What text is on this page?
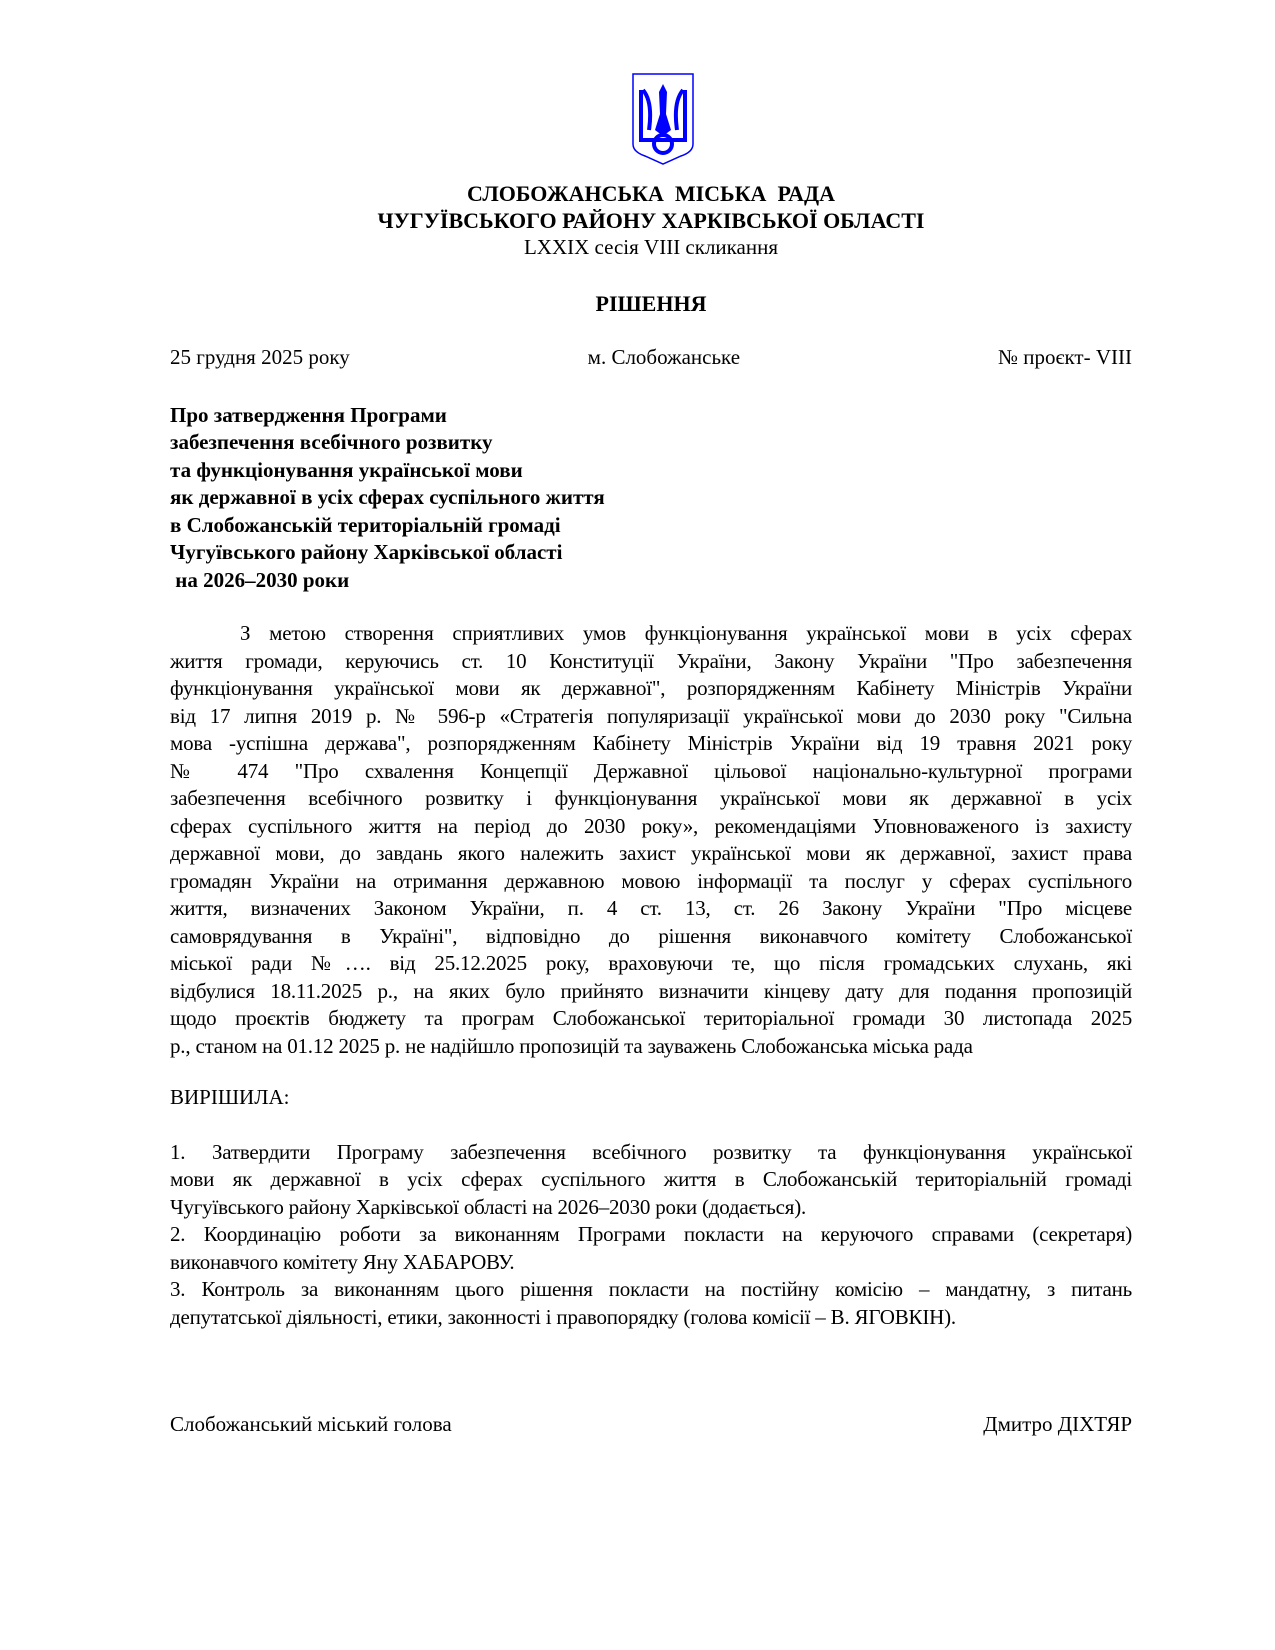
СЛОБОЖАНСЬКА  МІСЬКА  РАДА
ЧУГУЇВСЬКОГО РАЙОНУ ХАРКІВСЬКОЇ ОБЛАСТІ
LXXIX сесія VIII скликання
РІШЕННЯ
25 грудня 2025 року	м. Слобожанське	№ проєкт- VIII
Про затвердження Програми
забезпечення всебічного розвитку
та функціонування української мови
як державної в усіх сферах суспільного життя
в Слобожанській територіальній громаді
Чугуївського району Харківської області
на 2026–2030 роки
З метою створення сприятливих умов функціонування української мови в усіх сферах
життя громади, керуючись ст. 10 Конституції України, Закону України "Про забезпечення
функціонування української мови як державної", розпорядженням Кабінету Міністрів України
від 17 липня 2019 р. № 596-р «Стратегія популяризації української мови до 2030 року "Сильна
мова -успішна держава", розпорядженням Кабінету Міністрів України від 19 травня 2021 року
№ 474 "Про схвалення Концепції Державної цільової національно-культурної програми
забезпечення всебічного розвитку і функціонування української мови як державної в усіх
сферах суспільного життя на період до 2030 року», рекомендаціями Уповноваженого із захисту
державної мови, до завдань якого належить захист української мови як державної, захист права
громадян України на отримання державною мовою інформації та послуг у сферах суспільного
життя, визначених Законом України, п. 4 ст. 13, ст. 26 Закону України "Про місцеве
самоврядування в Україні", відповідно до рішення виконавчого комітету Слобожанської
міської ради №…. від 25.12.2025 року, враховуючи те, що після громадських слухань, які
відбулися 18.11.2025 р., на яких було прийнято визначити кінцеву дату для подання пропозицій
щодо проєктів бюджету та програм Слобожанської територіальної громади 30 листопада 2025
р., станом на 01.12 2025 р. не надійшло пропозицій та зауважень Слобожанська міська рада
ВИРІШИЛА:
1. Затвердити Програму забезпечення всебічного розвитку та функціонування української
мови як державної в усіх сферах суспільного життя в Слобожанській територіальній громаді
Чугуївського району Харківської області на 2026–2030 роки (додається).
2. Координацію роботи за виконанням Програми покласти на керуючого справами (секретаря)
виконавчого комітету Яну ХАБАРОВУ.
3. Контроль за виконанням цього рішення покласти на постійну комісію – мандатну, з питань
депутатської діяльності, етики, законності і правопорядку (голова комісії – В. ЯГОВКІН).
Слобожанський міський голова	Дмитро ДІХТЯР
